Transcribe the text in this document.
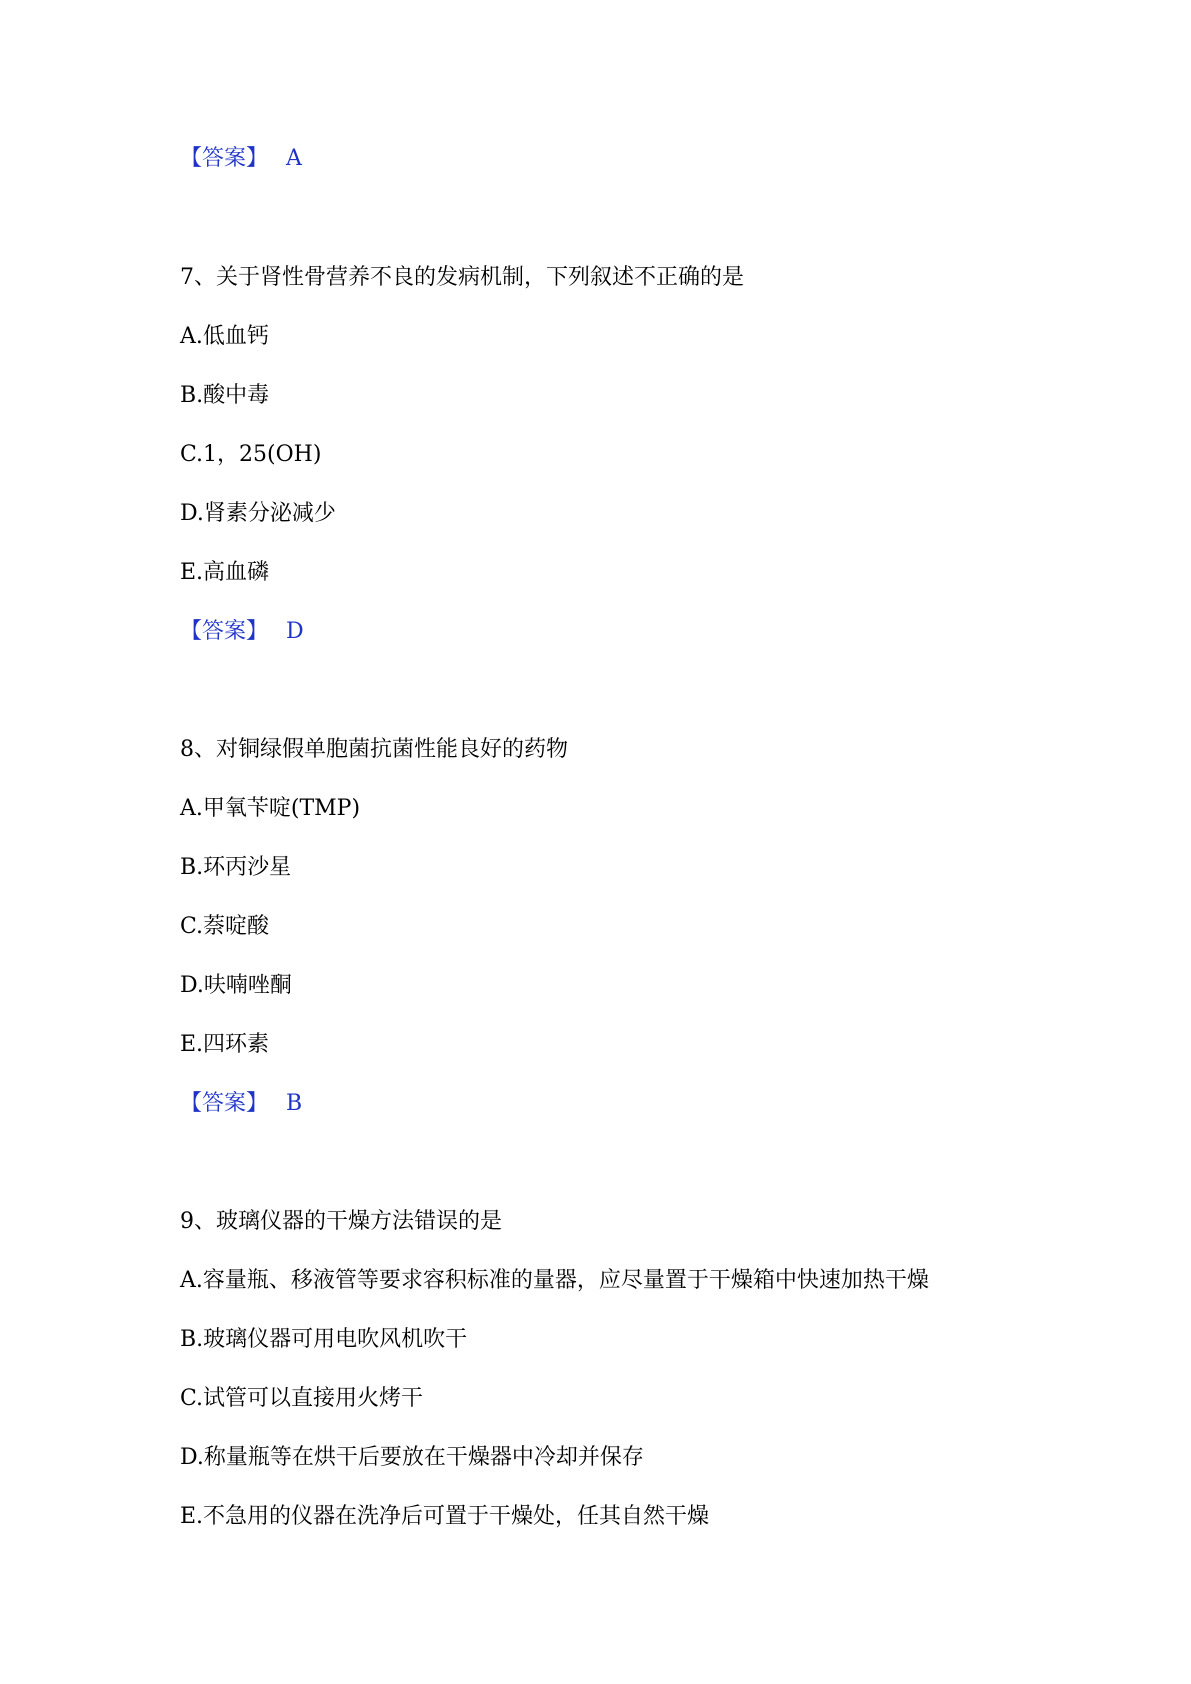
【答案】 A
7、关于肾性骨营养不良的发病机制，下列叙述不正确的是
A.低血钙
B.酸中毒
C.1，25(OH)
D.肾素分泌减少
E.高血磷
【答案】 D
8、对铜绿假单胞菌抗菌性能良好的药物
A.甲氧苄啶(TMP)
B.环丙沙星
C.萘啶酸
D.呋喃唑酮
E.四环素
【答案】 B
9、玻璃仪器的干燥方法错误的是
A.容量瓶、移液管等要求容积标准的量器，应尽量置于干燥箱中快速加热干燥
B.玻璃仪器可用电吹风机吹干
C.试管可以直接用火烤干
D.称量瓶等在烘干后要放在干燥器中冷却并保存
E.不急用的仪器在洗净后可置于干燥处，任其自然干燥
